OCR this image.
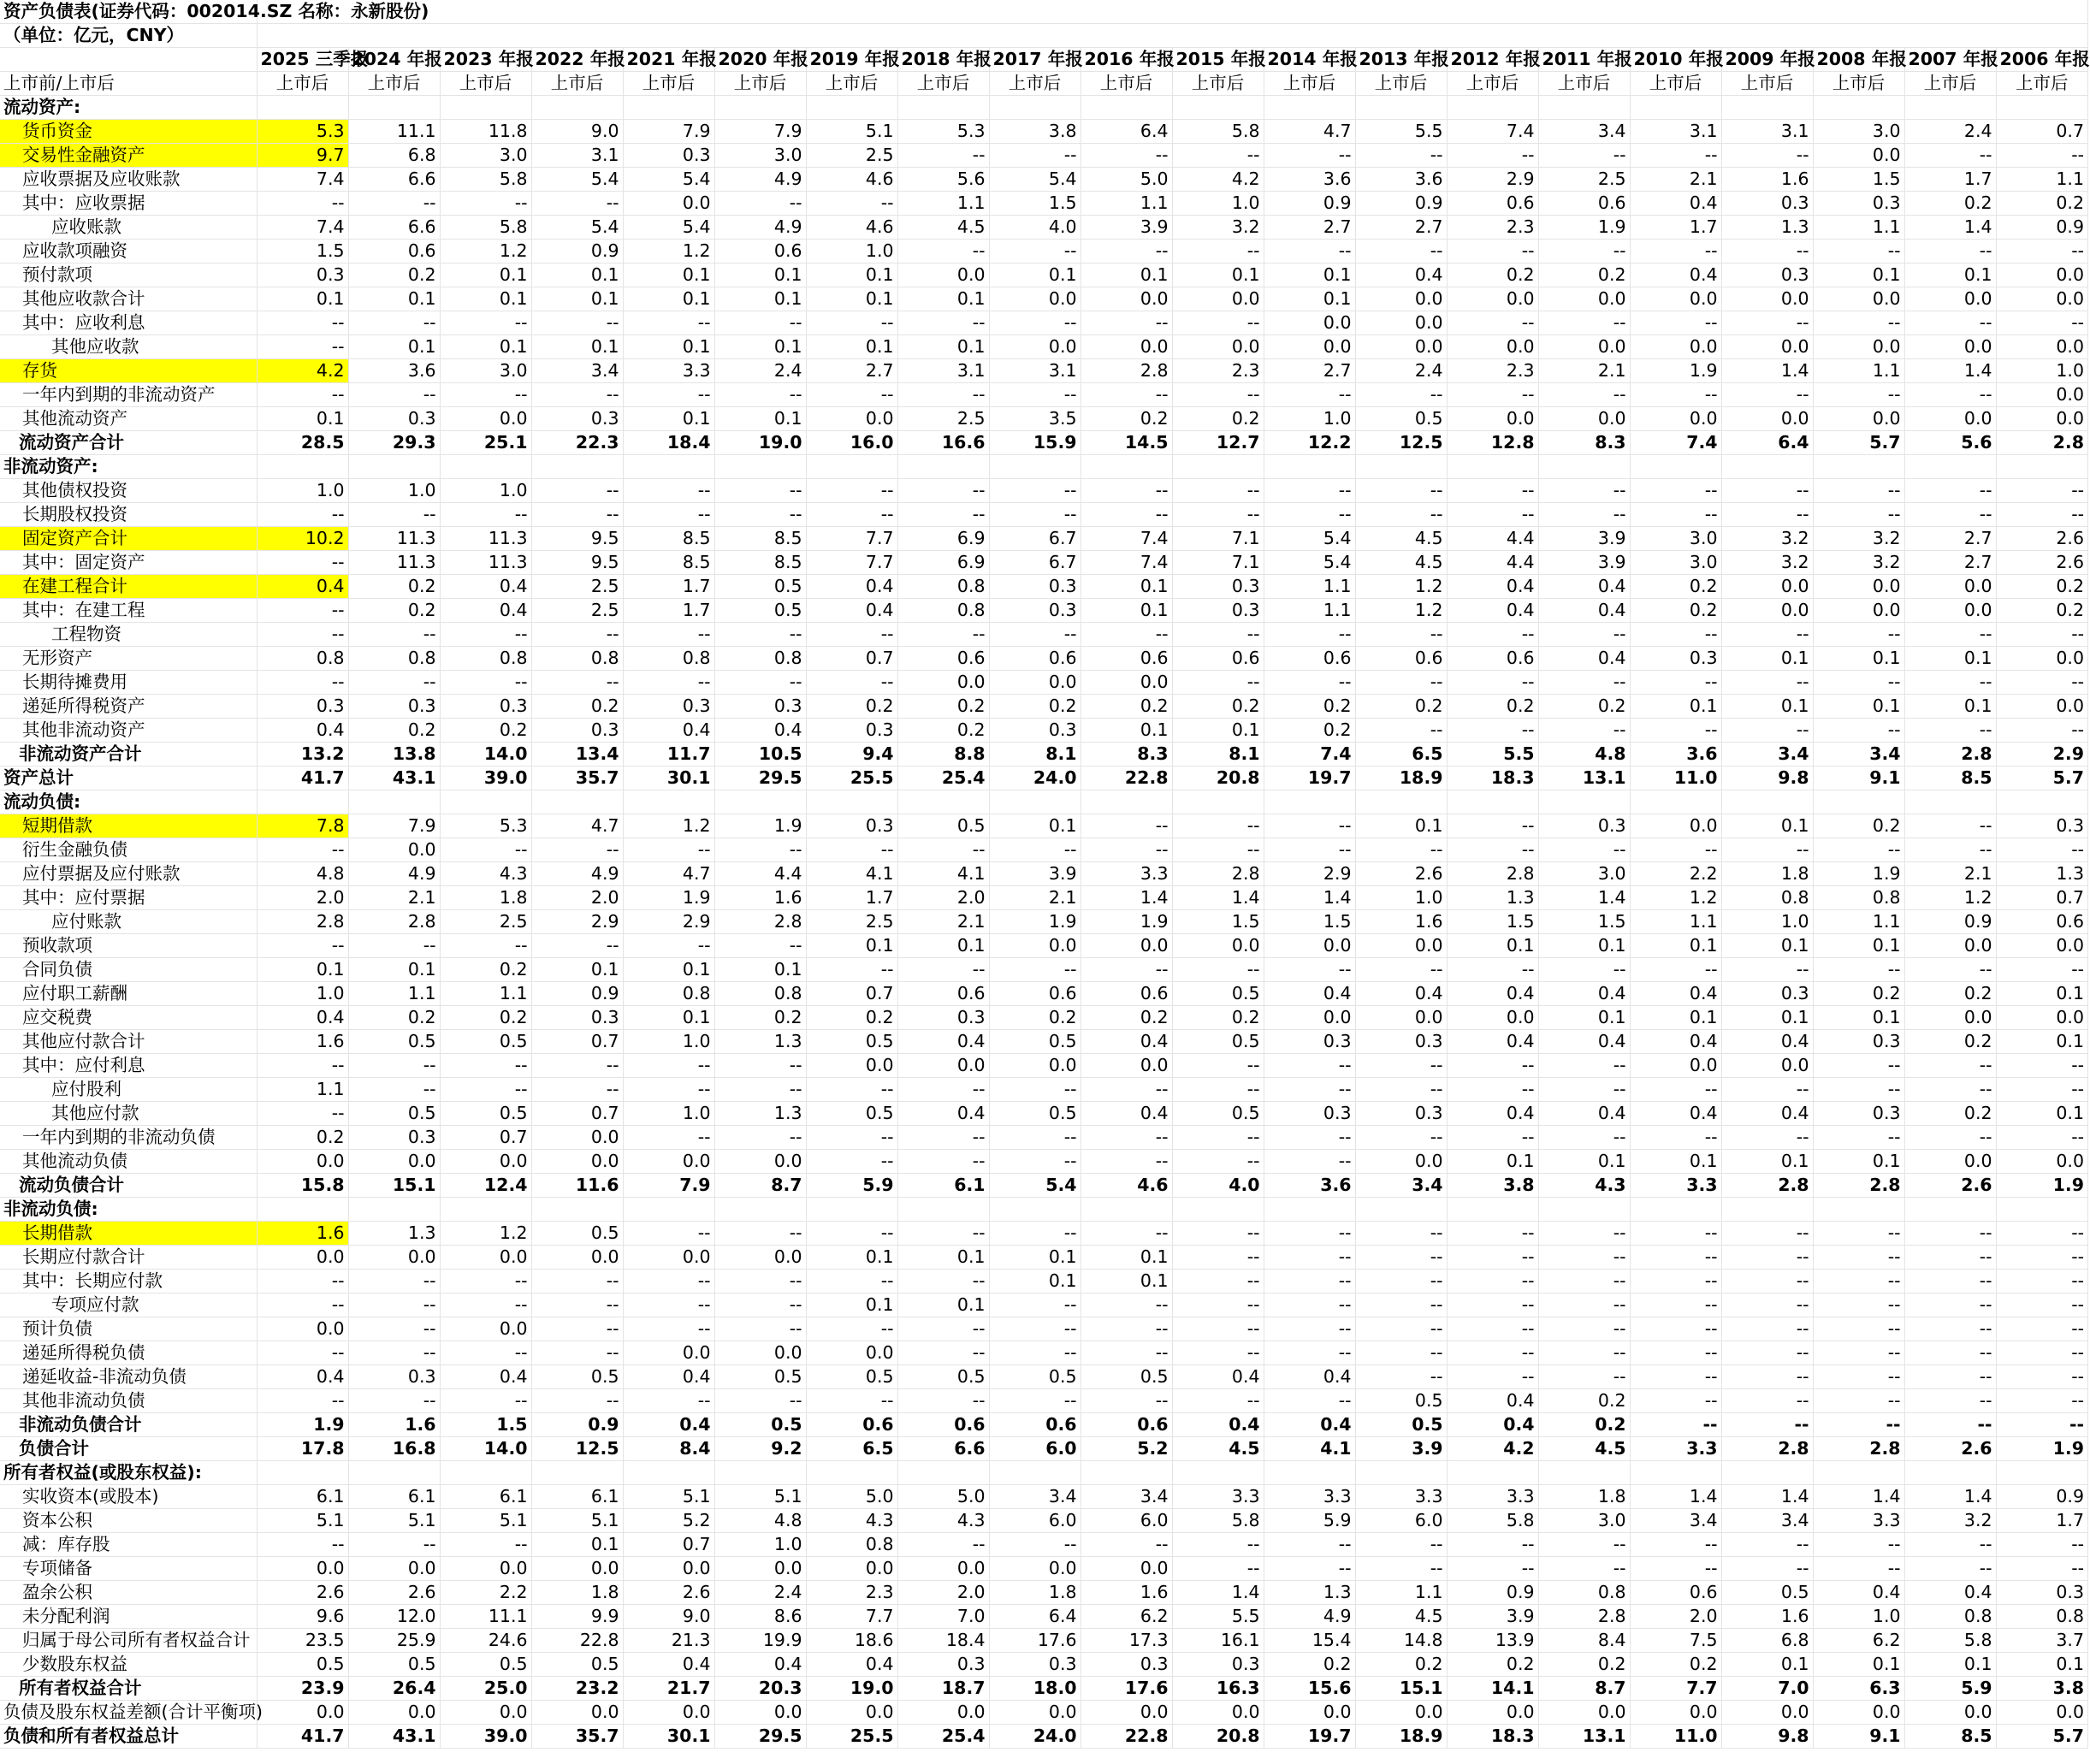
资产负债表(证券代码：002014.SZ 名称：永新股份)																				
（单位：亿元，CNY）																				
	2025 三季报	2024 年报	2023 年报	2022 年报	2021 年报	2020 年报	2019 年报	2018 年报	2017 年报	2016 年报	2015 年报	2014 年报	2013 年报	2012 年报	2011 年报	2010 年报	2009 年报	2008 年报	2007 年报	2006 年报
上市前/上市后	上市后	上市后	上市后	上市后	上市后	上市后	上市后	上市后	上市后	上市后	上市后	上市后	上市后	上市后	上市后	上市后	上市后	上市后	上市后	上市后
流动资产:																				
货币资金	5.3	11.1	11.8	9.0	7.9	7.9	5.1	5.3	3.8	6.4	5.8	4.7	5.5	7.4	3.4	3.1	3.1	3.0	2.4	0.7
交易性金融资产	9.7	6.8	3.0	3.1	0.3	3.0	2.5	--	--	--	--	--	--	--	--	--	--	0.0	--	--
应收票据及应收账款	7.4	6.6	5.8	5.4	5.4	4.9	4.6	5.6	5.4	5.0	4.2	3.6	3.6	2.9	2.5	2.1	1.6	1.5	1.7	1.1
其中：应收票据	--	--	--	--	0.0	--	--	1.1	1.5	1.1	1.0	0.9	0.9	0.6	0.6	0.4	0.3	0.3	0.2	0.2
应收账款	7.4	6.6	5.8	5.4	5.4	4.9	4.6	4.5	4.0	3.9	3.2	2.7	2.7	2.3	1.9	1.7	1.3	1.1	1.4	0.9
应收款项融资	1.5	0.6	1.2	0.9	1.2	0.6	1.0	--	--	--	--	--	--	--	--	--	--	--	--	--
预付款项	0.3	0.2	0.1	0.1	0.1	0.1	0.1	0.0	0.1	0.1	0.1	0.1	0.4	0.2	0.2	0.4	0.3	0.1	0.1	0.0
其他应收款合计	0.1	0.1	0.1	0.1	0.1	0.1	0.1	0.1	0.0	0.0	0.0	0.1	0.0	0.0	0.0	0.0	0.0	0.0	0.0	0.0
其中：应收利息	--	--	--	--	--	--	--	--	--	--	--	0.0	0.0	--	--	--	--	--	--	--
其他应收款	--	0.1	0.1	0.1	0.1	0.1	0.1	0.1	0.0	0.0	0.0	0.0	0.0	0.0	0.0	0.0	0.0	0.0	0.0	0.0
存货	4.2	3.6	3.0	3.4	3.3	2.4	2.7	3.1	3.1	2.8	2.3	2.7	2.4	2.3	2.1	1.9	1.4	1.1	1.4	1.0
一年内到期的非流动资产	--	--	--	--	--	--	--	--	--	--	--	--	--	--	--	--	--	--	--	0.0
其他流动资产	0.1	0.3	0.0	0.3	0.1	0.1	0.0	2.5	3.5	0.2	0.2	1.0	0.5	0.0	0.0	0.0	0.0	0.0	0.0	0.0
流动资产合计	28.5	29.3	25.1	22.3	18.4	19.0	16.0	16.6	15.9	14.5	12.7	12.2	12.5	12.8	8.3	7.4	6.4	5.7	5.6	2.8
非流动资产:																				
其他债权投资	1.0	1.0	1.0	--	--	--	--	--	--	--	--	--	--	--	--	--	--	--	--	--
长期股权投资	--	--	--	--	--	--	--	--	--	--	--	--	--	--	--	--	--	--	--	--
固定资产合计	10.2	11.3	11.3	9.5	8.5	8.5	7.7	6.9	6.7	7.4	7.1	5.4	4.5	4.4	3.9	3.0	3.2	3.2	2.7	2.6
其中：固定资产	--	11.3	11.3	9.5	8.5	8.5	7.7	6.9	6.7	7.4	7.1	5.4	4.5	4.4	3.9	3.0	3.2	3.2	2.7	2.6
在建工程合计	0.4	0.2	0.4	2.5	1.7	0.5	0.4	0.8	0.3	0.1	0.3	1.1	1.2	0.4	0.4	0.2	0.0	0.0	0.0	0.2
其中：在建工程	--	0.2	0.4	2.5	1.7	0.5	0.4	0.8	0.3	0.1	0.3	1.1	1.2	0.4	0.4	0.2	0.0	0.0	0.0	0.2
工程物资	--	--	--	--	--	--	--	--	--	--	--	--	--	--	--	--	--	--	--	--
无形资产	0.8	0.8	0.8	0.8	0.8	0.8	0.7	0.6	0.6	0.6	0.6	0.6	0.6	0.6	0.4	0.3	0.1	0.1	0.1	0.0
长期待摊费用	--	--	--	--	--	--	--	0.0	0.0	0.0	--	--	--	--	--	--	--	--	--	--
递延所得税资产	0.3	0.3	0.3	0.2	0.3	0.3	0.2	0.2	0.2	0.2	0.2	0.2	0.2	0.2	0.2	0.1	0.1	0.1	0.1	0.0
其他非流动资产	0.4	0.2	0.2	0.3	0.4	0.4	0.3	0.2	0.3	0.1	0.1	0.2	--	--	--	--	--	--	--	--
非流动资产合计	13.2	13.8	14.0	13.4	11.7	10.5	9.4	8.8	8.1	8.3	8.1	7.4	6.5	5.5	4.8	3.6	3.4	3.4	2.8	2.9
资产总计	41.7	43.1	39.0	35.7	30.1	29.5	25.5	25.4	24.0	22.8	20.8	19.7	18.9	18.3	13.1	11.0	9.8	9.1	8.5	5.7
流动负债:																				
短期借款	7.8	7.9	5.3	4.7	1.2	1.9	0.3	0.5	0.1	--	--	--	0.1	--	0.3	0.0	0.1	0.2	--	0.3
衍生金融负债	--	0.0	--	--	--	--	--	--	--	--	--	--	--	--	--	--	--	--	--	--
应付票据及应付账款	4.8	4.9	4.3	4.9	4.7	4.4	4.1	4.1	3.9	3.3	2.8	2.9	2.6	2.8	3.0	2.2	1.8	1.9	2.1	1.3
其中：应付票据	2.0	2.1	1.8	2.0	1.9	1.6	1.7	2.0	2.1	1.4	1.4	1.4	1.0	1.3	1.4	1.2	0.8	0.8	1.2	0.7
应付账款	2.8	2.8	2.5	2.9	2.9	2.8	2.5	2.1	1.9	1.9	1.5	1.5	1.6	1.5	1.5	1.1	1.0	1.1	0.9	0.6
预收款项	--	--	--	--	--	--	0.1	0.1	0.0	0.0	0.0	0.0	0.0	0.1	0.1	0.1	0.1	0.1	0.0	0.0
合同负债	0.1	0.1	0.2	0.1	0.1	0.1	--	--	--	--	--	--	--	--	--	--	--	--	--	--
应付职工薪酬	1.0	1.1	1.1	0.9	0.8	0.8	0.7	0.6	0.6	0.6	0.5	0.4	0.4	0.4	0.4	0.4	0.3	0.2	0.2	0.1
应交税费	0.4	0.2	0.2	0.3	0.1	0.2	0.2	0.3	0.2	0.2	0.2	0.0	0.0	0.0	0.1	0.1	0.1	0.1	0.0	0.0
其他应付款合计	1.6	0.5	0.5	0.7	1.0	1.3	0.5	0.4	0.5	0.4	0.5	0.3	0.3	0.4	0.4	0.4	0.4	0.3	0.2	0.1
其中：应付利息	--	--	--	--	--	--	0.0	0.0	0.0	0.0	--	--	--	--	--	0.0	0.0	--	--	--
应付股利	1.1	--	--	--	--	--	--	--	--	--	--	--	--	--	--	--	--	--	--	--
其他应付款	--	0.5	0.5	0.7	1.0	1.3	0.5	0.4	0.5	0.4	0.5	0.3	0.3	0.4	0.4	0.4	0.4	0.3	0.2	0.1
一年内到期的非流动负债	0.2	0.3	0.7	0.0	--	--	--	--	--	--	--	--	--	--	--	--	--	--	--	--
其他流动负债	0.0	0.0	0.0	0.0	0.0	0.0	--	--	--	--	--	--	0.0	0.1	0.1	0.1	0.1	0.1	0.0	0.0
流动负债合计	15.8	15.1	12.4	11.6	7.9	8.7	5.9	6.1	5.4	4.6	4.0	3.6	3.4	3.8	4.3	3.3	2.8	2.8	2.6	1.9
非流动负债:																				
长期借款	1.6	1.3	1.2	0.5	--	--	--	--	--	--	--	--	--	--	--	--	--	--	--	--
长期应付款合计	0.0	0.0	0.0	0.0	0.0	0.0	0.1	0.1	0.1	0.1	--	--	--	--	--	--	--	--	--	--
其中：长期应付款	--	--	--	--	--	--	--	--	0.1	0.1	--	--	--	--	--	--	--	--	--	--
专项应付款	--	--	--	--	--	--	0.1	0.1	--	--	--	--	--	--	--	--	--	--	--	--
预计负债	0.0	--	0.0	--	--	--	--	--	--	--	--	--	--	--	--	--	--	--	--	--
递延所得税负债	--	--	--	--	0.0	0.0	0.0	--	--	--	--	--	--	--	--	--	--	--	--	--
递延收益-非流动负债	0.4	0.3	0.4	0.5	0.4	0.5	0.5	0.5	0.5	0.5	0.4	0.4	--	--	--	--	--	--	--	--
其他非流动负债	--	--	--	--	--	--	--	--	--	--	--	--	0.5	0.4	0.2	--	--	--	--	--
非流动负债合计	1.9	1.6	1.5	0.9	0.4	0.5	0.6	0.6	0.6	0.6	0.4	0.4	0.5	0.4	0.2	--	--	--	--	--
负债合计	17.8	16.8	14.0	12.5	8.4	9.2	6.5	6.6	6.0	5.2	4.5	4.1	3.9	4.2	4.5	3.3	2.8	2.8	2.6	1.9
所有者权益(或股东权益):																				
实收资本(或股本)	6.1	6.1	6.1	6.1	5.1	5.1	5.0	5.0	3.4	3.4	3.3	3.3	3.3	3.3	1.8	1.4	1.4	1.4	1.4	0.9
资本公积	5.1	5.1	5.1	5.1	5.2	4.8	4.3	4.3	6.0	6.0	5.8	5.9	6.0	5.8	3.0	3.4	3.4	3.3	3.2	1.7
减：库存股	--	--	--	0.1	0.7	1.0	0.8	--	--	--	--	--	--	--	--	--	--	--	--	--
专项储备	0.0	0.0	0.0	0.0	0.0	0.0	0.0	0.0	0.0	0.0	--	--	--	--	--	--	--	--	--	--
盈余公积	2.6	2.6	2.2	1.8	2.6	2.4	2.3	2.0	1.8	1.6	1.4	1.3	1.1	0.9	0.8	0.6	0.5	0.4	0.4	0.3
未分配利润	9.6	12.0	11.1	9.9	9.0	8.6	7.7	7.0	6.4	6.2	5.5	4.9	4.5	3.9	2.8	2.0	1.6	1.0	0.8	0.8
归属于母公司所有者权益合计	23.5	25.9	24.6	22.8	21.3	19.9	18.6	18.4	17.6	17.3	16.1	15.4	14.8	13.9	8.4	7.5	6.8	6.2	5.8	3.7
少数股东权益	0.5	0.5	0.5	0.5	0.4	0.4	0.4	0.3	0.3	0.3	0.3	0.2	0.2	0.2	0.2	0.2	0.1	0.1	0.1	0.1
所有者权益合计	23.9	26.4	25.0	23.2	21.7	20.3	19.0	18.7	18.0	17.6	16.3	15.6	15.1	14.1	8.7	7.7	7.0	6.3	5.9	3.8
负债及股东权益差额(合计平衡项)	0.0	0.0	0.0	0.0	0.0	0.0	0.0	0.0	0.0	0.0	0.0	0.0	0.0	0.0	0.0	0.0	0.0	0.0	0.0	0.0
负债和所有者权益总计	41.7	43.1	39.0	35.7	30.1	29.5	25.5	25.4	24.0	22.8	20.8	19.7	18.9	18.3	13.1	11.0	9.8	9.1	8.5	5.7
